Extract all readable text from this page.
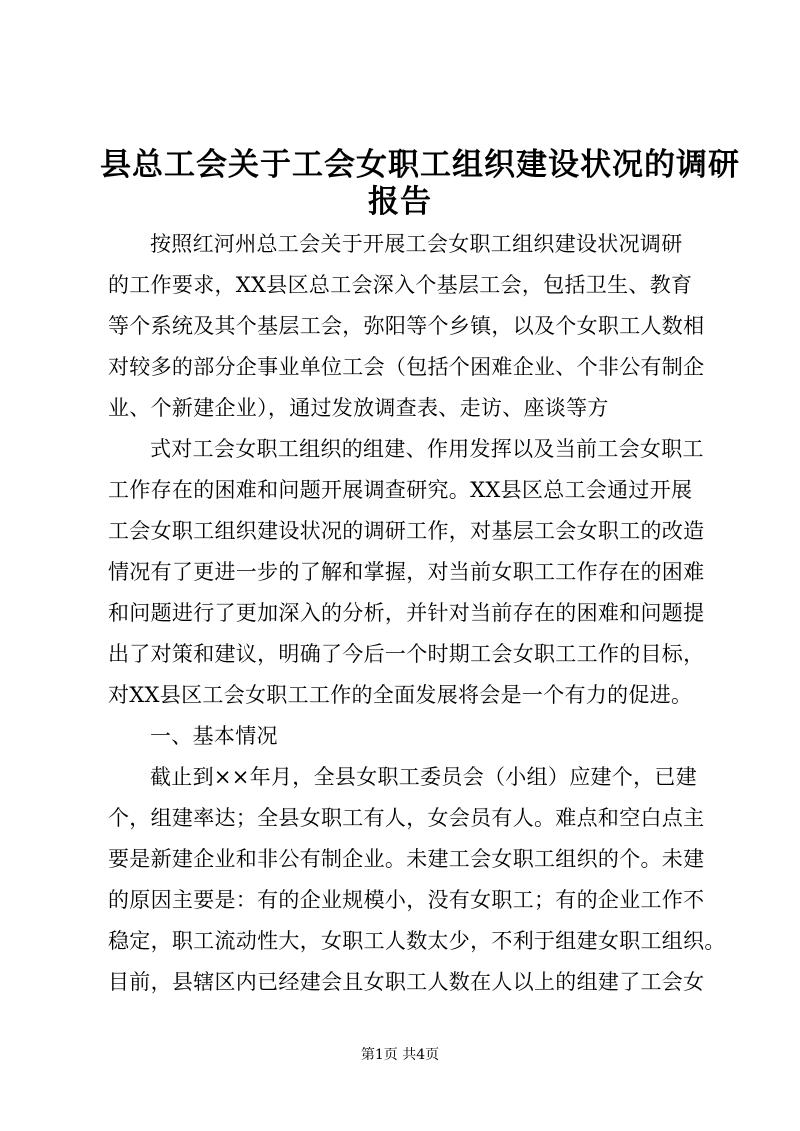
县总工会关于工会女职工组织建设状况的调研
报告
按照红河州总工会关于开展工会女职工组织建设状况调研
的工作要求，XX县区总工会深入个基层工会，包括卫生、教育
等个系统及其个基层工会，弥阳等个乡镇，以及个女职工人数相
对较多的部分企事业单位工会（包括个困难企业、个非公有制企
业、个新建企业），通过发放调查表、走访、座谈等方
式对工会女职工组织的组建、作用发挥以及当前工会女职工
工作存在的困难和问题开展调查研究。XX县区总工会通过开展
工会女职工组织建设状况的调研工作，对基层工会女职工的改造
情况有了更进一步的了解和掌握，对当前女职工工作存在的困难
和问题进行了更加深入的分析，并针对当前存在的困难和问题提
出了对策和建议，明确了今后一个时期工会女职工工作的目标，
对XX县区工会女职工工作的全面发展将会是一个有力的促进。
一、基本情况
截止到××年月，全县女职工委员会（小组）应建个，已建
个，组建率达；全县女职工有人，女会员有人。难点和空白点主
要是新建企业和非公有制企业。未建工会女职工组织的个。未建
的原因主要是：有的企业规模小，没有女职工；有的企业工作不
稳定，职工流动性大，女职工人数太少，不利于组建女职工组织。
目前，县辖区内已经建会且女职工人数在人以上的组建了工会女
第1页 共4页
